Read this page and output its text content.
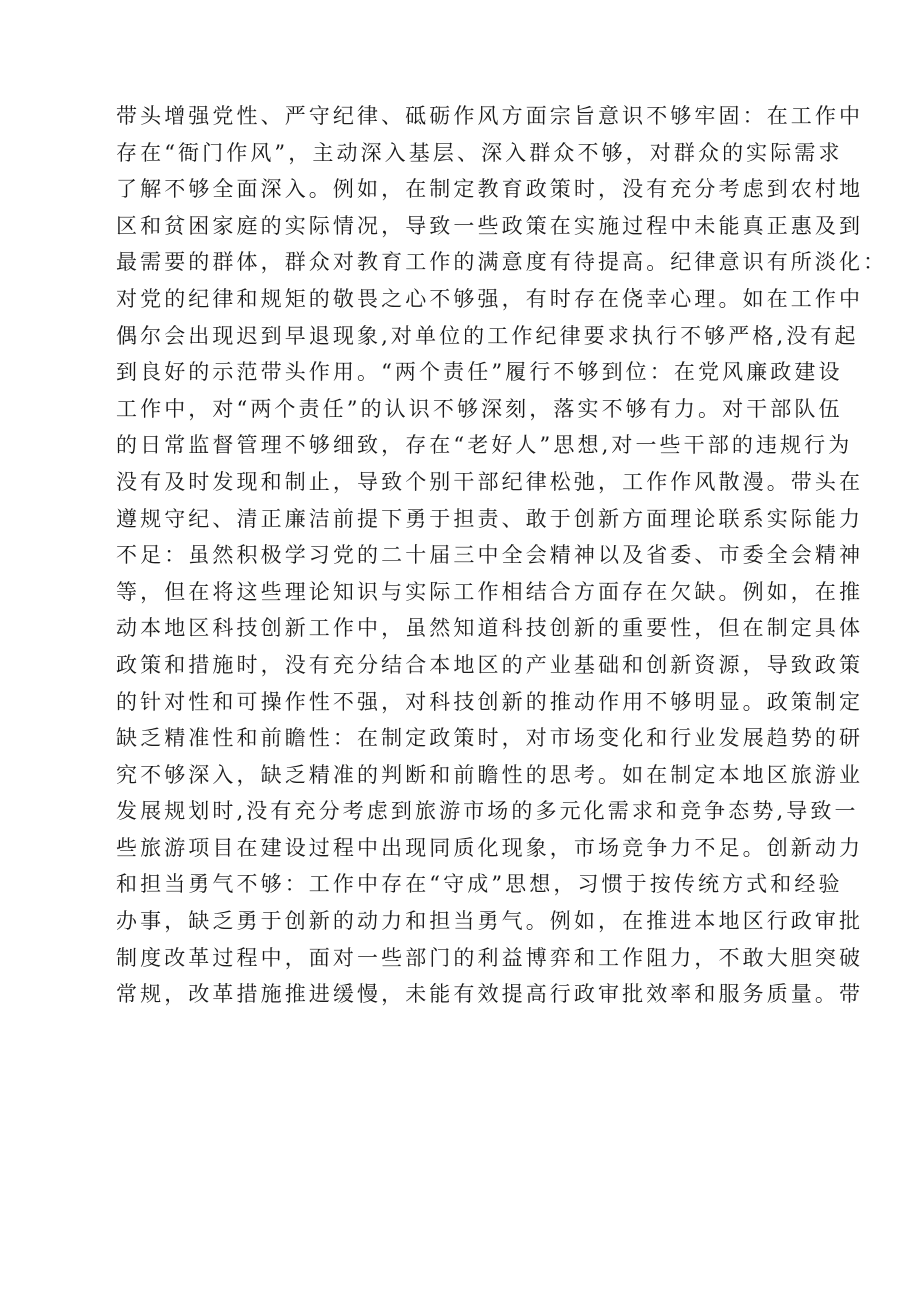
带头增强党性、严守纪律、砥砺作风方面宗旨意识不够牢固：在工作中
存在“衙门作风”，主动深入基层、深入群众不够，对群众的实际需求
了解不够全面深入。例如，在制定教育政策时，没有充分考虑到农村地
区和贫困家庭的实际情况，导致一些政策在实施过程中未能真正惠及到
最需要的群体，群众对教育工作的满意度有待提高。纪律意识有所淡化：
对党的纪律和规矩的敬畏之心不够强，有时存在侥幸心理。如在工作中
偶尔会出现迟到早退现象,对单位的工作纪律要求执行不够严格,没有起
到良好的示范带头作用。“两个责任”履行不够到位：在党风廉政建设
工作中，对“两个责任”的认识不够深刻，落实不够有力。对干部队伍
的日常监督管理不够细致，存在“老好人”思想,对一些干部的违规行为
没有及时发现和制止，导致个别干部纪律松弛，工作作风散漫。带头在
遵规守纪、清正廉洁前提下勇于担责、敢于创新方面理论联系实际能力
不足：虽然积极学习党的二十届三中全会精神以及省委、市委全会精神
等，但在将这些理论知识与实际工作相结合方面存在欠缺。例如，在推
动本地区科技创新工作中，虽然知道科技创新的重要性，但在制定具体
政策和措施时，没有充分结合本地区的产业基础和创新资源，导致政策
的针对性和可操作性不强，对科技创新的推动作用不够明显。政策制定
缺乏精准性和前瞻性：在制定政策时，对市场变化和行业发展趋势的研
究不够深入，缺乏精准的判断和前瞻性的思考。如在制定本地区旅游业
发展规划时,没有充分考虑到旅游市场的多元化需求和竞争态势,导致一
些旅游项目在建设过程中出现同质化现象，市场竞争力不足。创新动力
和担当勇气不够：工作中存在“守成”思想，习惯于按传统方式和经验
办事，缺乏勇于创新的动力和担当勇气。例如，在推进本地区行政审批
制度改革过程中，面对一些部门的利益博弈和工作阻力，不敢大胆突破
常规，改革措施推进缓慢，未能有效提高行政审批效率和服务质量。带
